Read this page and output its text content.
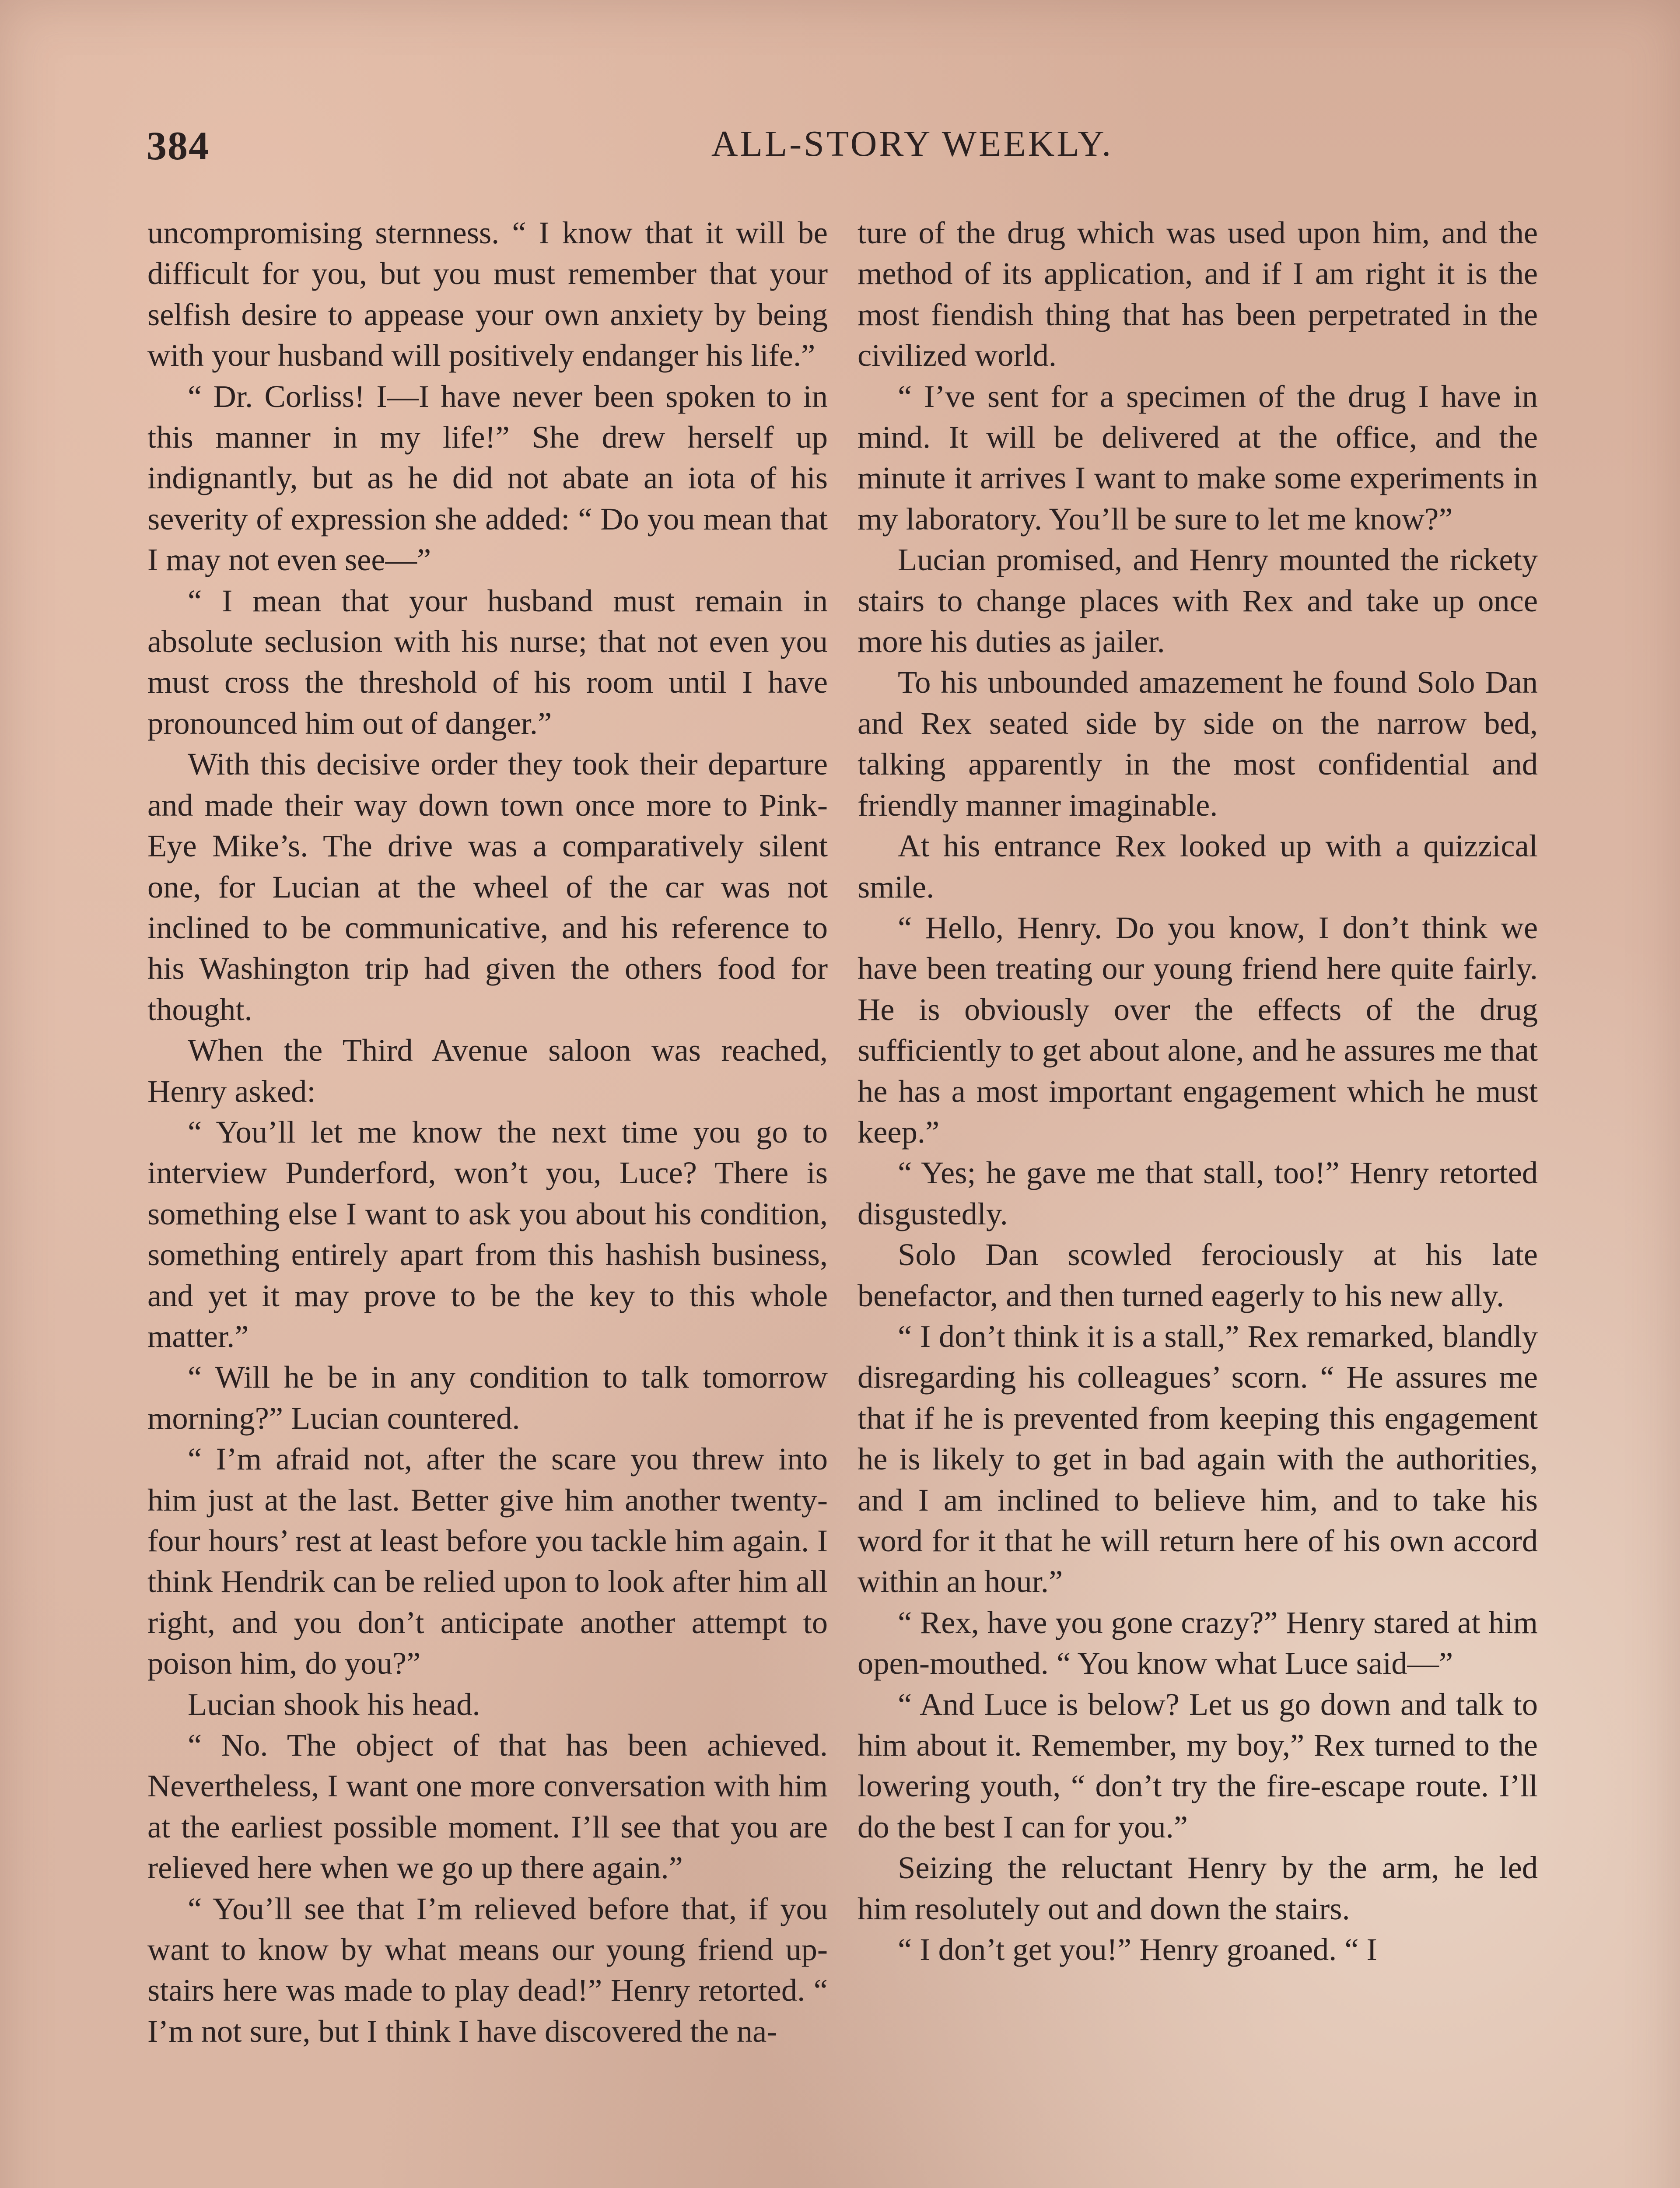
384	ALL-STORY WEEKLY.

uncompromising sternness. “ I know that it will be difficult for you, but you must remember that your selfish desire to appease your own anxiety by being with your husband will positively endanger his life.”

“ Dr. Corliss! I—I have never been spoken to in this manner in my life!” She drew herself up indignantly, but as he did not abate an iota of his severity of expression she added: “ Do you mean that I may not even see—”

“ I mean that your husband must remain in absolute seclusion with his nurse; that not even you must cross the threshold of his room until I have pronounced him out of danger.”

With this decisive order they took their departure and made their way down town once more to Pink-Eye Mike’s. The drive was a comparatively silent one, for Lucian at the wheel of the car was not inclined to be communicative, and his reference to his Washington trip had given the others food for thought.

When the Third Avenue saloon was reached, Henry asked:

“ You’ll let me know the next time you go to interview Punderford, won’t you, Luce? There is something else I want to ask you about his condition, something entirely apart from this hashish business, and yet it may prove to be the key to this whole matter.”

“ Will he be in any condition to talk tomorrow morning?” Lucian countered.

“ I’m afraid not, after the scare you threw into him just at the last. Better give him another twenty-four hours’ rest at least before you tackle him again. I think Hendrik can be relied upon to look after him all right, and you don’t anticipate another attempt to poison him, do you?”

Lucian shook his head.

“ No. The object of that has been achieved. Nevertheless, I want one more conversation with him at the earliest possible moment. I’ll see that you are relieved here when we go up there again.”

“ You’ll see that I’m relieved before that, if you want to know by what means our young friend up-stairs here was made to play dead!” Henry retorted. “ I’m not sure, but I think I have discovered the na-

ture of the drug which was used upon him, and the method of its application, and if I am right it is the most fiendish thing that has been perpetrated in the civilized world.

“ I’ve sent for a specimen of the drug I have in mind. It will be delivered at the office, and the minute it arrives I want to make some experiments in my laboratory. You’ll be sure to let me know?”

Lucian promised, and Henry mounted the rickety stairs to change places with Rex and take up once more his duties as jailer.

To his unbounded amazement he found Solo Dan and Rex seated side by side on the narrow bed, talking apparently in the most confidential and friendly manner imaginable.

At his entrance Rex looked up with a quizzical smile.

“ Hello, Henry. Do you know, I don’t think we have been treating our young friend here quite fairly. He is obviously over the effects of the drug sufficiently to get about alone, and he assures me that he has a most important engagement which he must keep.”

“ Yes; he gave me that stall, too!” Henry retorted disgustedly.

Solo Dan scowled ferociously at his late benefactor, and then turned eagerly to his new ally.

“ I don’t think it is a stall,” Rex remarked, blandly disregarding his colleagues’ scorn. “ He assures me that if he is prevented from keeping this engagement he is likely to get in bad again with the authorities, and I am inclined to believe him, and to take his word for it that he will return here of his own accord within an hour.”

“ Rex, have you gone crazy?” Henry stared at him open-mouthed. “ You know what Luce said—”

“ And Luce is below? Let us go down and talk to him about it. Remember, my boy,” Rex turned to the lowering youth, “ don’t try the fire-escape route. I’ll do the best I can for you.”

Seizing the reluctant Henry by the arm, he led him resolutely out and down the stairs.

“ I don’t get you!” Henry groaned. “ I
